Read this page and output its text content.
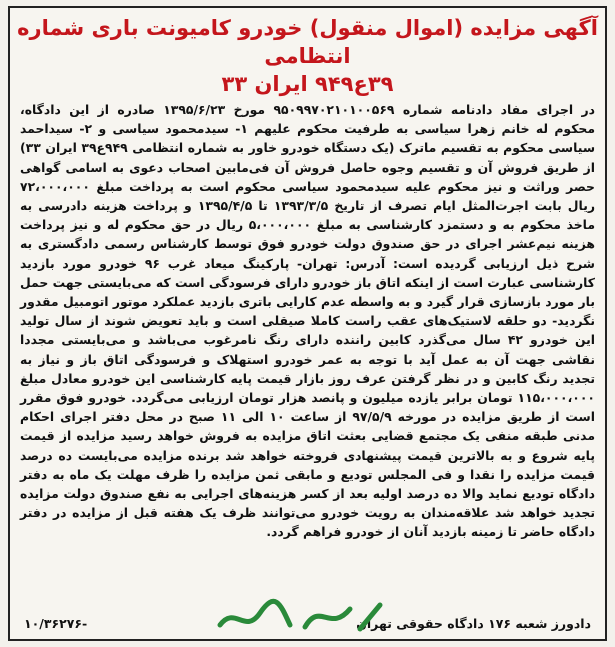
آگهی مزایده (اموال منقول) خودرو کامیونت باری شماره انتظامی
۳۹ع۹۴۹ ایران ۳۳
در اجرای مفاد دادنامه شماره ۹۵۰۹۹۷۰۲۱۰۱۰۰۵۶۹ مورخ ۱۳۹۵/۶/۲۳ صادره از این دادگاه، محکوم له خانم زهرا سیاسی به طرفیت محکوم علیهم ۱- سیدمحمود سیاسی و ۲- سیداحمد سیاسی محکوم‌ به تقسیم ماترک (یک دستگاه خودرو خاور به شماره انتظامی ۹۴۹ع۳۹ ایران ۳۳) از طریق فروش آن و تقسیم وجوه حاصل فروش آن فی‌مابین اصحاب دعوی به اسامی گواهی حصر وراثت و نیز محکوم علیه سیدمحمود سیاسی محکوم است به پرداخت مبلغ ۷۲،۰۰۰،۰۰۰ ریال بابت اجرت‌المثل ایام تصرف از تاریخ ۱۳۹۳/۳/۵ تا ۱۳۹۵/۴/۵ و پرداخت هزینه دادرسی به ماخذ محکوم به و دستمزد کارشناسی به مبلغ ۵،۰۰۰،۰۰۰ ریال در حق محکوم له و نیز پرداخت هزینه نیم‌عشر اجرای در حق صندوق دولت خودرو فوق توسط کارشناس رسمی دادگستری به شرح ذیل ارزیابی گردیده است: آدرس: تهران- پارکینگ میعاد غرب ۹۶ خودرو مورد بازدید کارشناسی عبارت است از اینکه اتاق باز خودرو دارای فرسودگی است که می‌بایستی جهت حمل بار مورد بازسازی قرار گیرد و به واسطه عدم کارایی باتری بازدید عملکرد موتور اتومبیل مقدور نگردید- دو حلقه لاستیک‌های عقب راست کاملا صیقلی است و باید تعویض شوند از سال تولید این خودرو ۴۲ سال می‌گذرد کابین راننده دارای رنگ نامرغوب می‌باشد و می‌بایستی مجددا نقاشی جهت آن به عمل آید با توجه به عمر خودرو استهلاک و فرسودگی اتاق باز و نیاز به تجدید رنگ کابین و در نظر گرفتن عرف روز بازار قیمت پایه کارشناسی این خودرو معادل مبلغ ۱۱۵،۰۰۰،۰۰۰ تومان برابر یازده میلیون و پانصد هزار تومان ارزیابی می‌گردد. خودرو فوق مقرر است از طریق مزایده در مورخه ۹۷/۵/۹ از ساعت ۱۰ الی ۱۱ صبح در محل دفتر اجرای احکام مدنی طبقه منفی یک مجتمع قضایی بعثت اتاق مزایده به فروش خواهد رسید مزایده از قیمت پایه شروع و به بالاترین قیمت پیشنهادی فروخته خواهد شد برنده مزایده می‌بایست ده درصد قیمت مزایده را نقدا و فی المجلس تودیع و مابقی ثمن مزایده را ظرف مهلت یک ماه به دفتر دادگاه تودیع نماید والا ده درصد اولیه بعد از کسر هزینه‌های اجرایی به نفع صندوق دولت مزایده تجدید خواهد شد علاقه‌مندان به رویت خودرو می‌توانند ظرف یک هفته قبل از مزایده در دفتر دادگاه حاضر تا زمینه بازدید آنان از خودرو فراهم گردد.
دادورز شعبه ۱۷۶ دادگاه حقوقی تهران
۱۰/۳۶۲۷۶-
